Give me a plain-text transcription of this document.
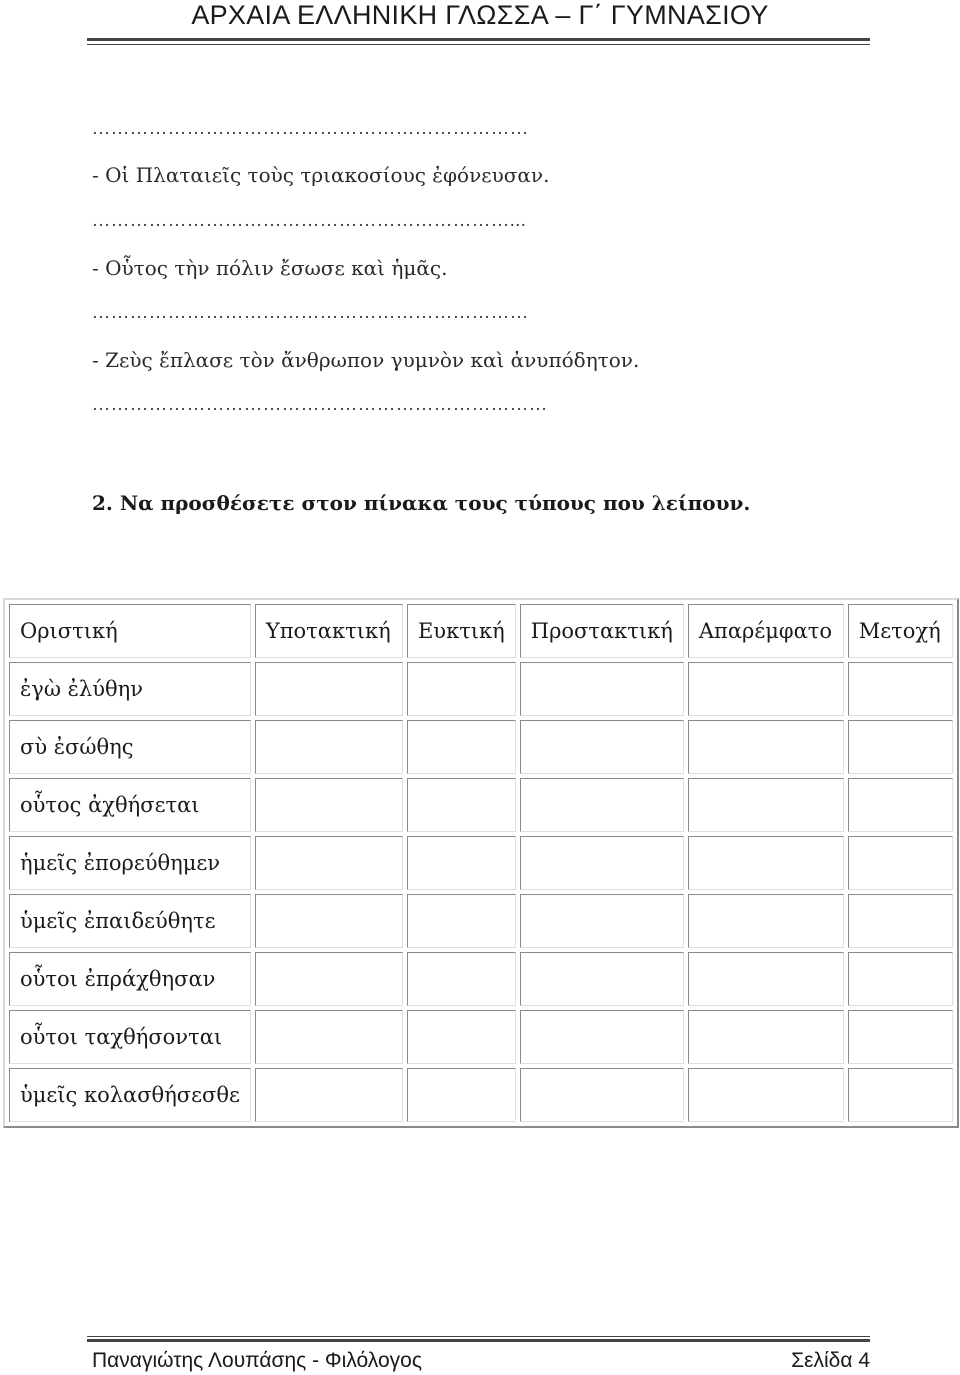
ΑΡΧΑΙΑ ΕΛΛΗΝΙΚΗ ΓΛΩΣΣΑ – Γ΄ ΓΥΜΝΑΣΙΟΥ
……………………………………………………………
- Οἱ Πλαταιεῖς τοὺς τριακοσίους ἐφόνευσαν.
…………………………………………………………...
- Οὗτος τὴν πόλιν ἔσωσε καὶ ἡμᾶς.
……………………………………………………………
- Ζεὺς ἔπλασε τὸν ἄνθρωπον γυμνὸν καὶ ἀνυπόδητον.
………………………………………………………………
2. Να προσθέσετε στον πίνακα τους τύπους που λείπουν.
Οριστική	Υποτακτική	Ευκτική	Προστακτική	Απαρέμφατο	Μετοχή
ἐγὼ ἐλύθην					
σὺ ἐσώθης					
οὗτος ἀχθήσεται					
ἡμεῖς ἐπορεύθημεν					
ὑμεῖς ἐπαιδεύθητε					
οὗτοι ἐπράχθησαν					
οὗτοι ταχθήσονται					
ὑμεῖς κολασθήσεσθε					
Παναγιώτης Λουπάσης - Φιλόλογος	Σελίδα 4
